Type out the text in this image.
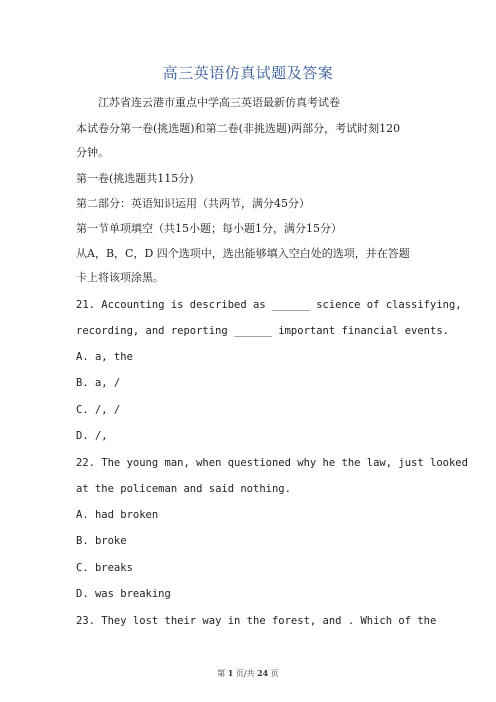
高三英语仿真试题及答案
江苏省连云港市重点中学高三英语最新仿真考试卷
本试卷分第一卷(挑选题)和第二卷(非挑选题)两部分，考试时刻120
分钟。
第一卷(挑选题共115分)
第二部分：英语知识运用（共两节，满分45分）
第一节单项填空（共15小题；每小题1分，满分15分）
从A，B，C，D 四个选项中，选出能够填入空白处的选项，并在答题
卡上将该项涂黑。
21. Accounting is described as ______ science of classifying,
recording, and reporting ______ important financial events.
A. a, the
B. a, /
C. /, /
D. /,
22. The young man, when questioned why he the law, just looked
at the policeman and said nothing.
A. had broken
B. broke
C. breaks
D. was breaking
23. They lost their way in the forest, and . Which of the
第 1 页/共 24 页
